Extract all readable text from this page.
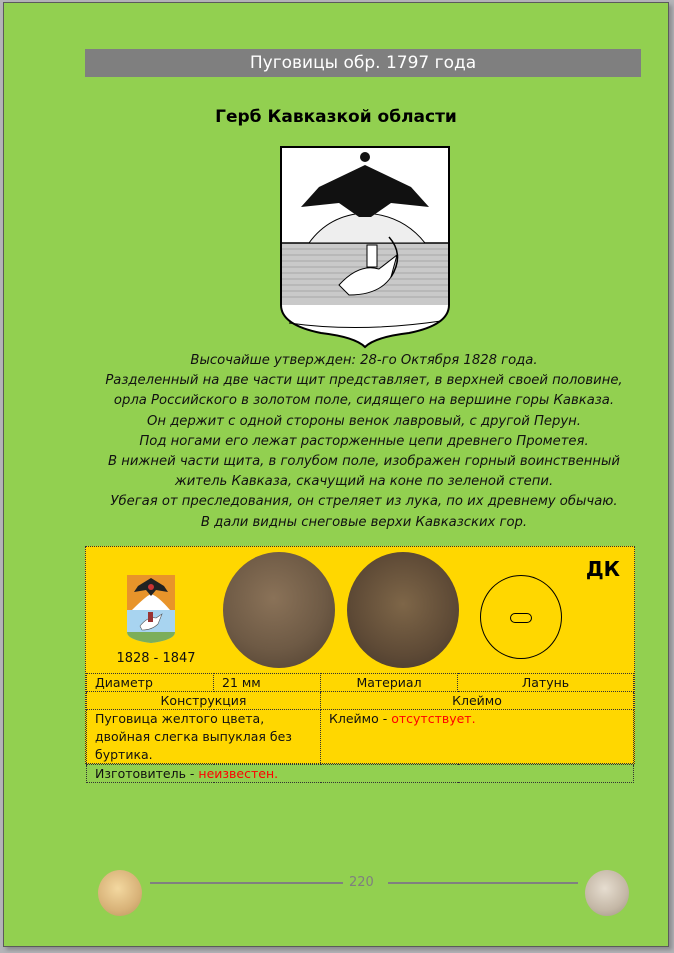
Пуговицы обр. 1797 года
Герб Кавказкой области
Высочайше утвержден: 28-го Октября 1828 года.
Разделенный на две части щит представляет, в верхней своей половине,
орла Российского в золотом поле, сидящего на вершине горы Кавказа.
Он держит с одной стороны венок лавровый, с другой Перун.
Под ногами его лежат расторженные цепи древнего Прометея.
В нижней части щита, в голубом поле, изображен горный воинственный
житель Кавказа, скачущий на коне по зеленой степи.
Убегая от преследования, он стреляет из лука, по их древнему обычаю.
В дали видны снеговые верхи Кавказских гор.
1828 - 1847
ДК
Диаметр	21 мм	Материал	Латунь
Конструкция		Клеймо	
Пуговица желтого цвета, двойная слегка выпуклая без буртика.		Клеймо - отсутствует.	
Изготовитель - неизвестен.			
220
